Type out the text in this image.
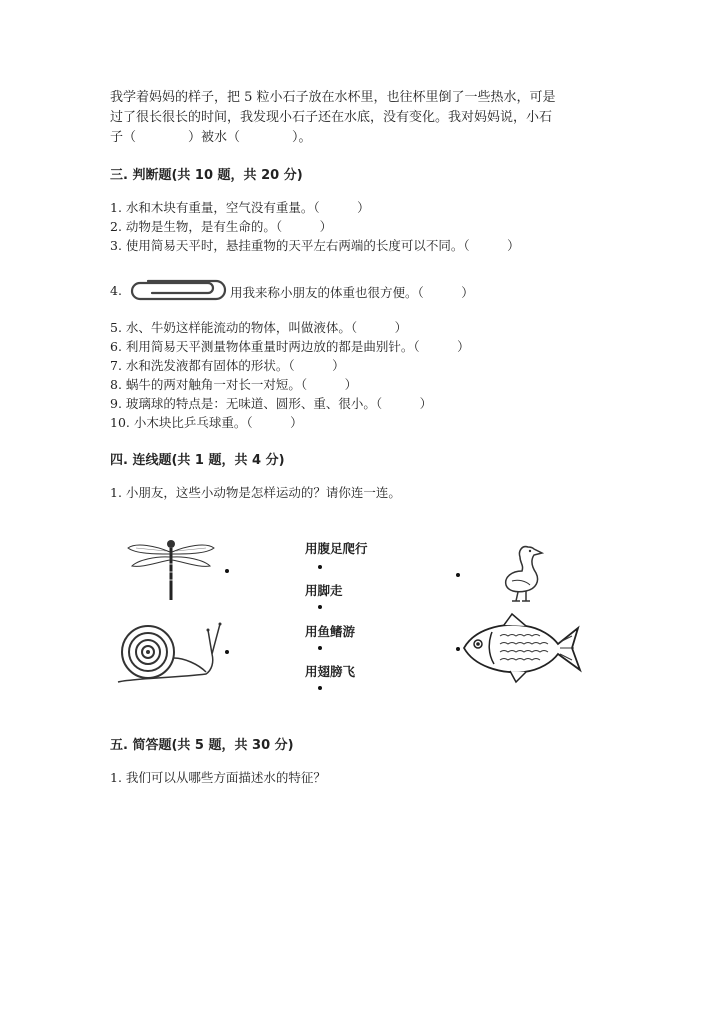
我学着妈妈的样子，把 5 粒小石子放在水杯里，也往杯里倒了一些热水，可是
过了很长很长的时间，我发现小石子还在水底，没有变化。我对妈妈说，小石
子（　　　　）被水（　　　　）。
三. 判断题(共 10 题，共 20 分)
1. 水和木块有重量，空气没有重量。（　　　）
2. 动物是生物，是有生命的。（　　　）
3. 使用简易天平时，悬挂重物的天平左右两端的长度可以不同。（　　　）
4.	用我来称小朋友的体重也很方便。（　　　）
5. 水、牛奶这样能流动的物体，叫做液体。（　　　）
6. 利用简易天平测量物体重量时两边放的都是曲别针。（　　　）
7. 水和洗发液都有固体的形状。（　　　）
8. 蜗牛的两对触角一对长一对短。（　　　）
9. 玻璃球的特点是：无味道、圆形、重、很小。（　　　）
10. 小木块比乒乓球重。（　　　）
四. 连线题(共 1 题，共 4 分)
1. 小朋友，这些小动物是怎样运动的？请你连一连。
用腹足爬行
用脚走
用鱼鳍游
用翅膀飞
五. 简答题(共 5 题，共 30 分)
1. 我们可以从哪些方面描述水的特征？
